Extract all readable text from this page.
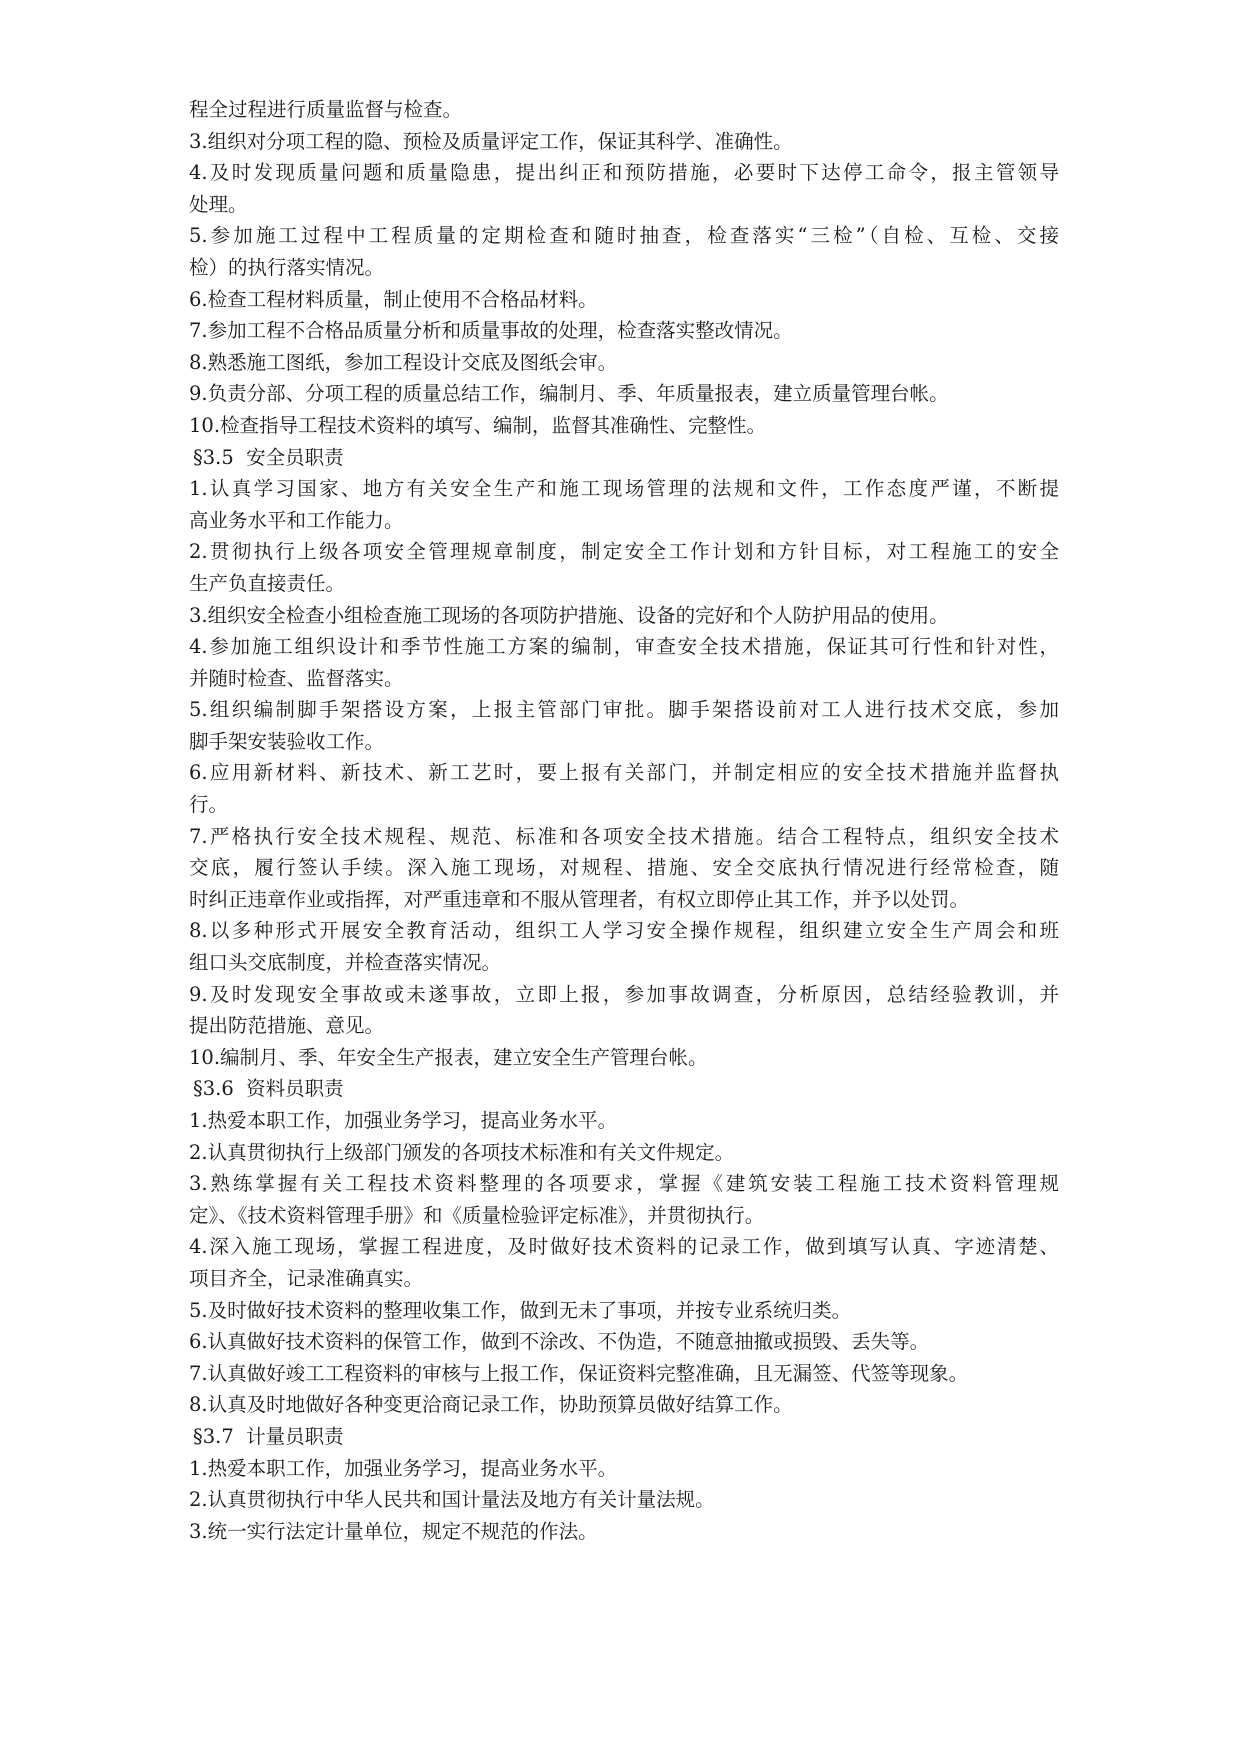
程全过程进行质量监督与检查。
3.组织对分项工程的隐、预检及质量评定工作，保证其科学、准确性。
4.及时发现质量问题和质量隐患，提出纠正和预防措施，必要时下达停工命令，报主管领导
处理。
5.参加施工过程中工程质量的定期检查和随时抽查，检查落实“三检”（自检、互检、交接
检）的执行落实情况。
6.检查工程材料质量，制止使用不合格品材料。
7.参加工程不合格品质量分析和质量事故的处理，检查落实整改情况。
8.熟悉施工图纸，参加工程设计交底及图纸会审。
9.负责分部、分项工程的质量总结工作，编制月、季、年质量报表，建立质量管理台帐。
10.检查指导工程技术资料的填写、编制，监督其准确性、完整性。
§3.5  安全员职责
1.认真学习国家、地方有关安全生产和施工现场管理的法规和文件，工作态度严谨，不断提
高业务水平和工作能力。
2.贯彻执行上级各项安全管理规章制度，制定安全工作计划和方针目标，对工程施工的安全
生产负直接责任。
3.组织安全检查小组检查施工现场的各项防护措施、设备的完好和个人防护用品的使用。
4.参加施工组织设计和季节性施工方案的编制，审查安全技术措施，保证其可行性和针对性，
并随时检查、监督落实。
5.组织编制脚手架搭设方案，上报主管部门审批。脚手架搭设前对工人进行技术交底，参加
脚手架安装验收工作。
6.应用新材料、新技术、新工艺时，要上报有关部门，并制定相应的安全技术措施并监督执
行。
7.严格执行安全技术规程、规范、标准和各项安全技术措施。结合工程特点，组织安全技术
交底，履行签认手续。深入施工现场，对规程、措施、安全交底执行情况进行经常检查，随
时纠正违章作业或指挥，对严重违章和不服从管理者，有权立即停止其工作，并予以处罚。
8.以多种形式开展安全教育活动，组织工人学习安全操作规程，组织建立安全生产周会和班
组口头交底制度，并检查落实情况。
9.及时发现安全事故或未遂事故，立即上报，参加事故调查，分析原因，总结经验教训，并
提出防范措施、意见。
10.编制月、季、年安全生产报表，建立安全生产管理台帐。
§3.6  资料员职责
1.热爱本职工作，加强业务学习，提高业务水平。
2.认真贯彻执行上级部门颁发的各项技术标准和有关文件规定。
3.熟练掌握有关工程技术资料整理的各项要求，掌握《建筑安装工程施工技术资料管理规
定》、《技术资料管理手册》和《质量检验评定标准》，并贯彻执行。
4.深入施工现场，掌握工程进度，及时做好技术资料的记录工作，做到填写认真、字迹清楚、
项目齐全，记录准确真实。
5.及时做好技术资料的整理收集工作，做到无未了事项，并按专业系统归类。
6.认真做好技术资料的保管工作，做到不涂改、不伪造，不随意抽撤或损毁、丢失等。
7.认真做好竣工工程资料的审核与上报工作，保证资料完整准确，且无漏签、代签等现象。
8.认真及时地做好各种变更洽商记录工作，协助预算员做好结算工作。
§3.7  计量员职责
1.热爱本职工作，加强业务学习，提高业务水平。
2.认真贯彻执行中华人民共和国计量法及地方有关计量法规。
3.统一实行法定计量单位，规定不规范的作法。
